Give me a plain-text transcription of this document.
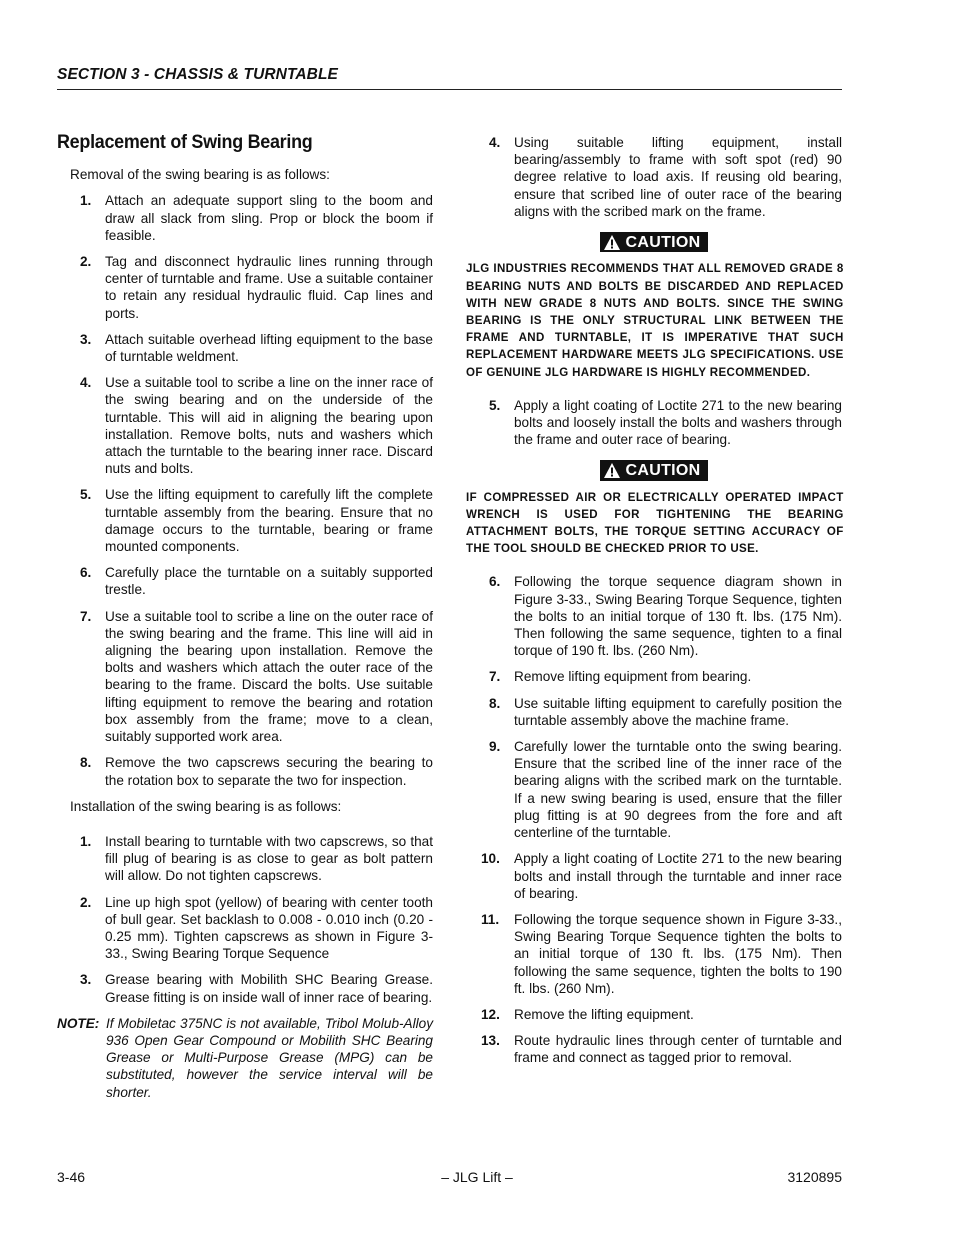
SECTION 3 - CHASSIS & TURNTABLE
Replacement of Swing Bearing
Removal of the swing bearing is as follows:
1. Attach an adequate support sling to the boom and draw all slack from sling. Prop or block the boom if feasible.
2. Tag and disconnect hydraulic lines running through center of turntable and frame. Use a suitable container to retain any residual hydraulic fluid. Cap lines and ports.
3. Attach suitable overhead lifting equipment to the base of turntable weldment.
4. Use a suitable tool to scribe a line on the inner race of the swing bearing and on the underside of the turntable. This will aid in aligning the bearing upon installation. Remove bolts, nuts and washers which attach the turntable to the bearing inner race. Discard nuts and bolts.
5. Use the lifting equipment to carefully lift the complete turntable assembly from the bearing. Ensure that no damage occurs to the turntable, bearing or frame mounted components.
6. Carefully place the turntable on a suitably supported trestle.
7. Use a suitable tool to scribe a line on the outer race of the swing bearing and the frame. This line will aid in aligning the bearing upon installation. Remove the bolts and washers which attach the outer race of the bearing to the frame. Discard the bolts. Use suitable lifting equipment to remove the bearing and rotation box assembly from the frame; move to a clean, suitably supported work area.
8. Remove the two capscrews securing the bearing to the rotation box to separate the two for inspection.
Installation of the swing bearing is as follows:
1. Install bearing to turntable with two capscrews, so that fill plug of bearing is as close to gear as bolt pattern will allow. Do not tighten capscrews.
2. Line up high spot (yellow) of bearing with center tooth of bull gear. Set backlash to 0.008 - 0.010 inch (0.20 - 0.25 mm). Tighten capscrews as shown in Figure 3-33., Swing Bearing Torque Sequence
3. Grease bearing with Mobilith SHC Bearing Grease. Grease fitting is on inside wall of inner race of bearing.
NOTE: If Mobiletac 375NC is not available, Tribol Molub-Alloy 936 Open Gear Compound or Mobilith SHC Bearing Grease or Multi-Purpose Grease (MPG) can be substituted, however the service interval will be shorter.
4. Using suitable lifting equipment, install bearing/assembly to frame with soft spot (red) 90 degree relative to load axis. If reusing old bearing, ensure that scribed line of outer race of the bearing aligns with the scribed mark on the frame.
CAUTION
JLG INDUSTRIES RECOMMENDS THAT ALL REMOVED GRADE 8 BEARING NUTS AND BOLTS BE DISCARDED AND REPLACED WITH NEW GRADE 8 NUTS AND BOLTS. SINCE THE SWING BEARING IS THE ONLY STRUCTURAL LINK BETWEEN THE FRAME AND TURNTABLE, IT IS IMPERATIVE THAT SUCH REPLACEMENT HARDWARE MEETS JLG SPECIFICATIONS. USE OF GENUINE JLG HARDWARE IS HIGHLY RECOMMENDED.
5. Apply a light coating of Loctite 271 to the new bearing bolts and loosely install the bolts and washers through the frame and outer race of bearing.
CAUTION
IF COMPRESSED AIR OR ELECTRICALLY OPERATED IMPACT WRENCH IS USED FOR TIGHTENING THE BEARING ATTACHMENT BOLTS, THE TORQUE SETTING ACCURACY OF THE TOOL SHOULD BE CHECKED PRIOR TO USE.
6. Following the torque sequence diagram shown in Figure 3-33., Swing Bearing Torque Sequence, tighten the bolts to an initial torque of 130 ft. lbs. (175 Nm). Then following the same sequence, tighten to a final torque of 190 ft. lbs. (260 Nm).
7. Remove lifting equipment from bearing.
8. Use suitable lifting equipment to carefully position the turntable assembly above the machine frame.
9. Carefully lower the turntable onto the swing bearing. Ensure that the scribed line of the inner race of the bearing aligns with the scribed mark on the turntable. If a new swing bearing is used, ensure that the filler plug fitting is at 90 degrees from the fore and aft centerline of the turntable.
10. Apply a light coating of Loctite 271 to the new bearing bolts and install through the turntable and inner race of bearing.
11. Following the torque sequence shown in Figure 3-33., Swing Bearing Torque Sequence tighten the bolts to an initial torque of 130 ft. lbs. (175 Nm). Then following the same sequence, tighten the bolts to 190 ft. lbs. (260 Nm).
12. Remove the lifting equipment.
13. Route hydraulic lines through center of turntable and frame and connect as tagged prior to removal.
3-46	– JLG Lift –	3120895
